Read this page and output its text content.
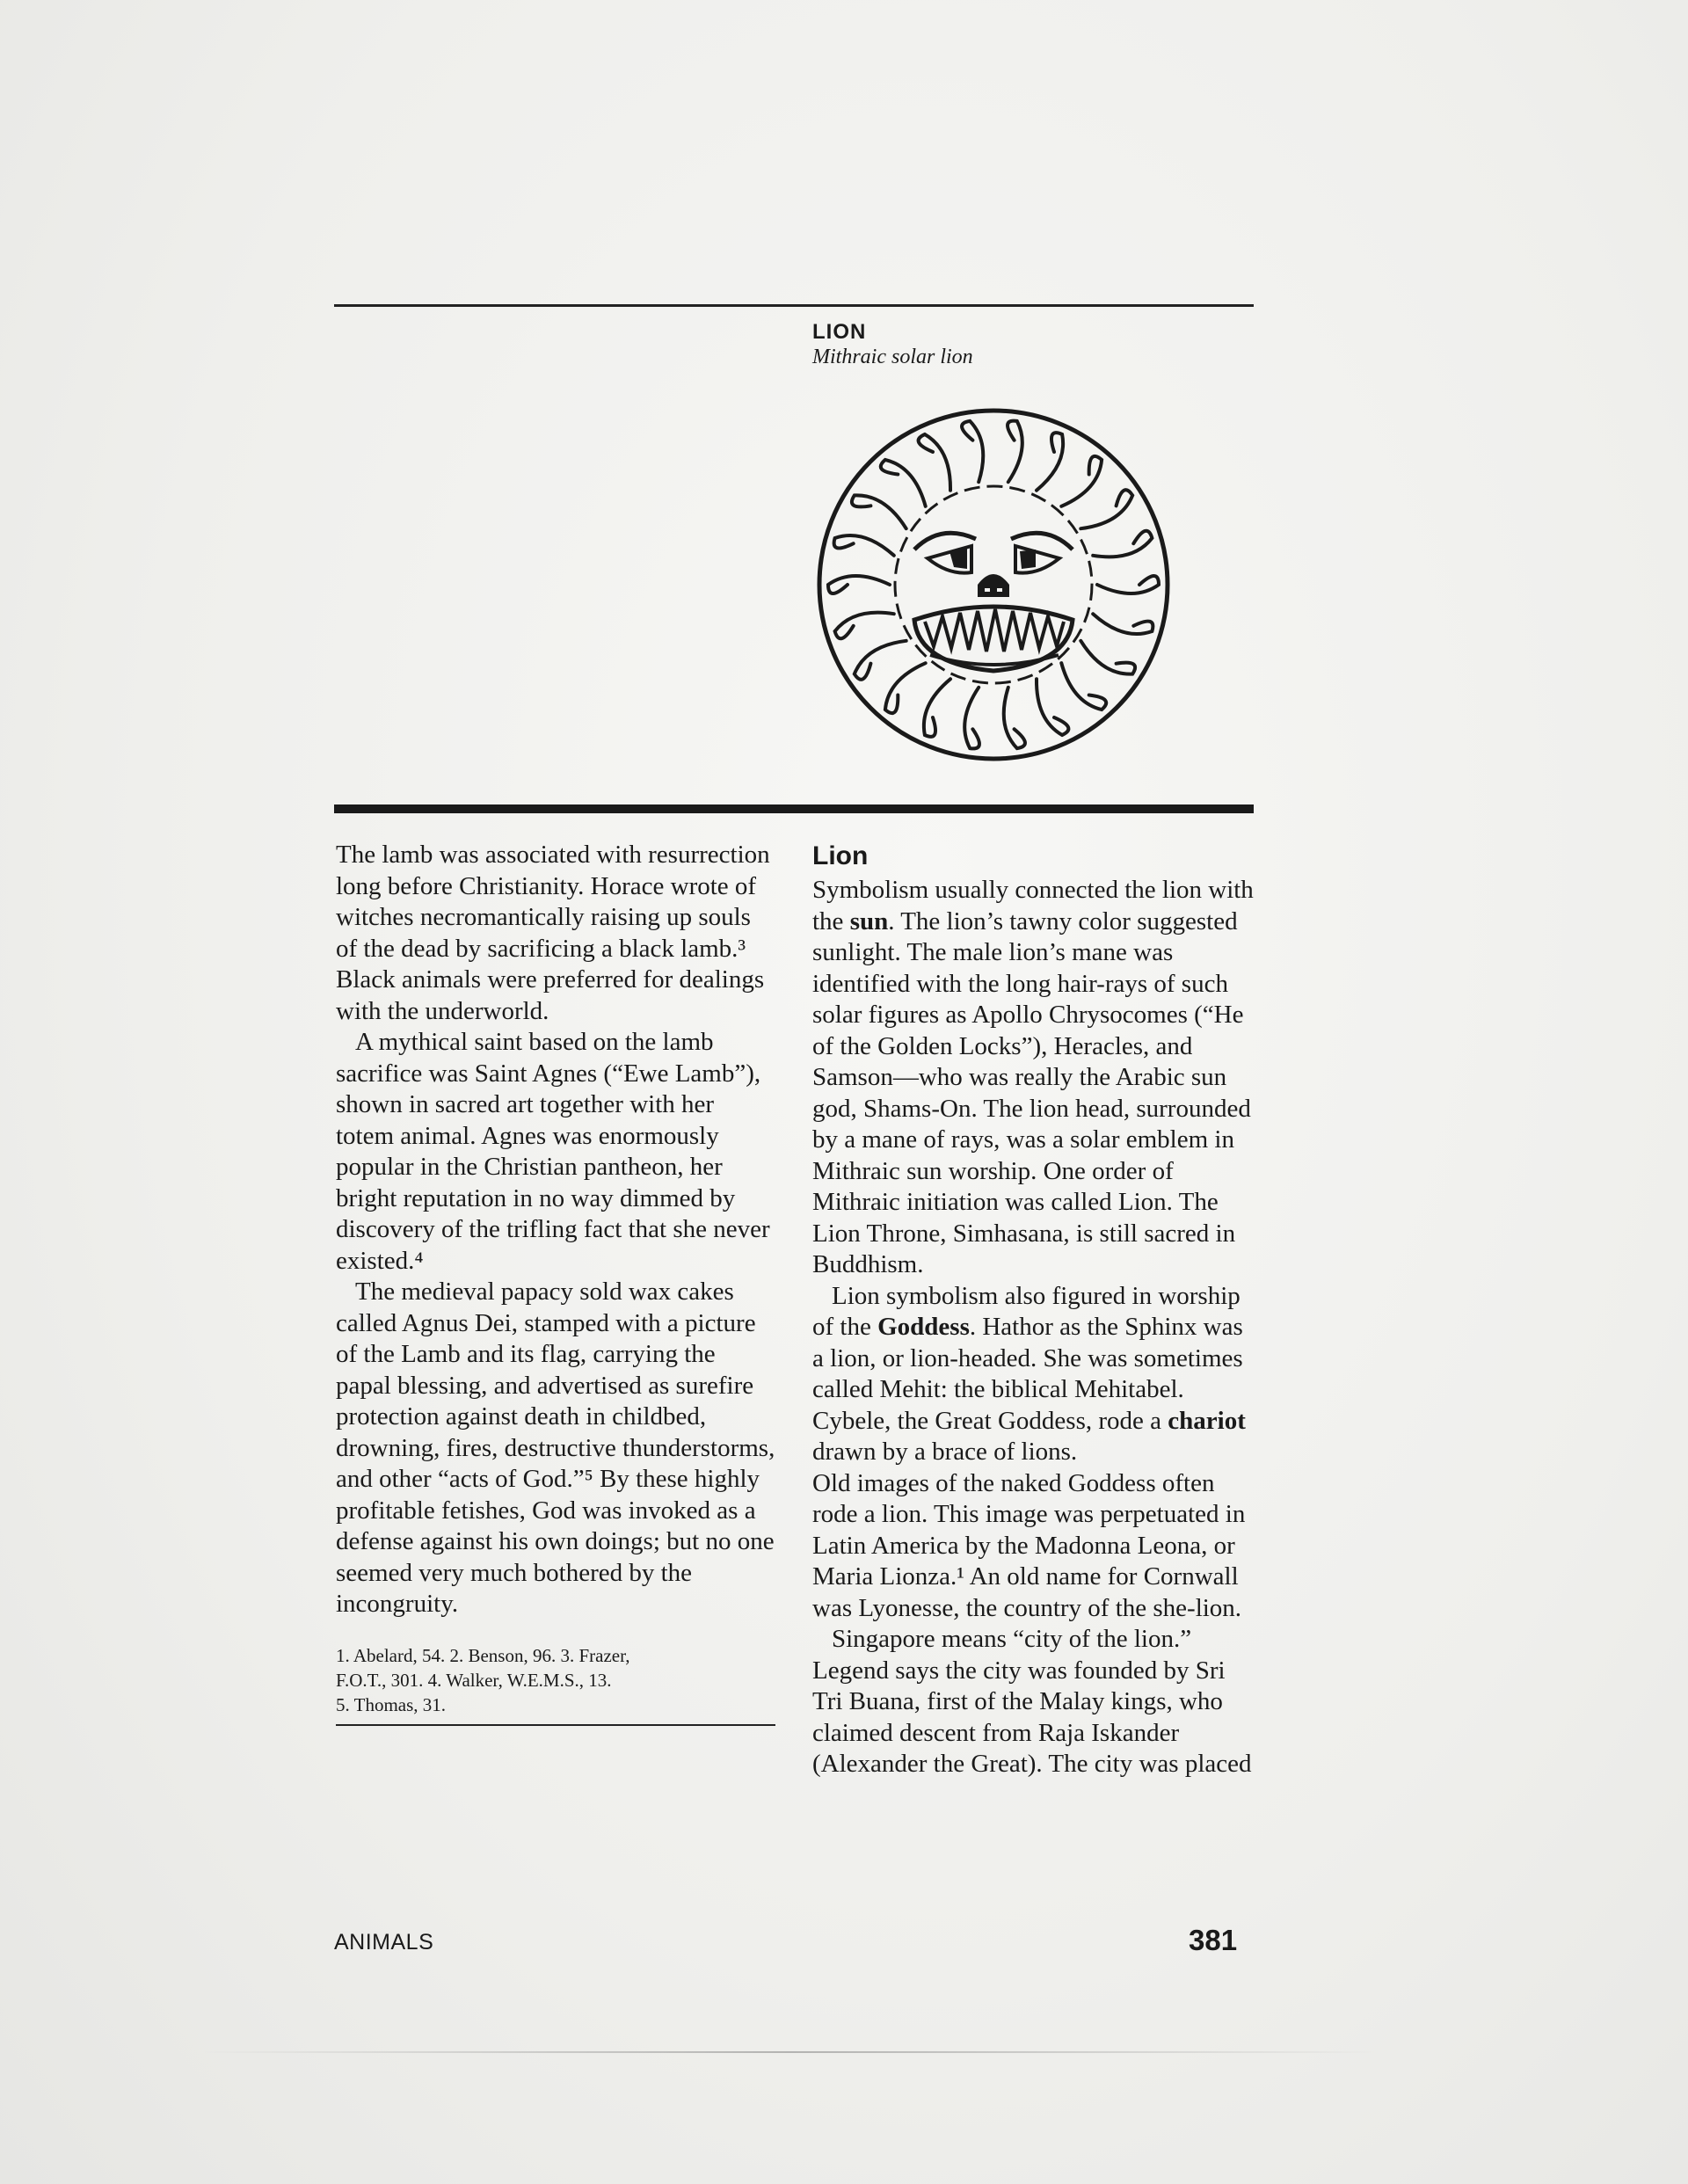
LION
Mithraic solar lion

The lamb was associated with resurrection long before Christianity. Horace wrote of witches necromantically raising up souls of the dead by sacrificing a black lamb.³ Black animals were preferred for dealings with the underworld.

A mythical saint based on the lamb sacrifice was Saint Agnes (“Ewe Lamb”), shown in sacred art together with her totem animal. Agnes was enormously popular in the Christian pantheon, her bright reputation in no way dimmed by discovery of the trifling fact that she never existed.⁴

The medieval papacy sold wax cakes called Agnus Dei, stamped with a picture of the Lamb and its flag, carrying the papal blessing, and advertised as surefire protection against death in childbed, drowning, fires, destructive thunderstorms, and other “acts of God.”⁵ By these highly profitable fetishes, God was invoked as a defense against his own doings; but no one seemed very much bothered by the incongruity.

1. Abelard, 54. 2. Benson, 96. 3. Frazer,
F.O.T., 301. 4. Walker, W.E.M.S., 13.
5. Thomas, 31.
Lion

Symbolism usually connected the lion with the sun. The lion’s tawny color suggested sunlight. The male lion’s mane was identified with the long hair-rays of such solar figures as Apollo Chrysocomes (“He of the Golden Locks”), Heracles, and Samson—who was really the Arabic sun god, Shams-On. The lion head, surrounded by a mane of rays, was a solar emblem in Mithraic sun worship. One order of Mithraic initiation was called Lion. The Lion Throne, Simhasana, is still sacred in Buddhism.

Lion symbolism also figured in worship of the Goddess. Hathor as the Sphinx was a lion, or lion-headed. She was sometimes called Mehit: the biblical Mehitabel. Cybele, the Great Goddess, rode a chariot drawn by a brace of lions.

Old images of the naked Goddess often rode a lion. This image was perpetuated in Latin America by the Madonna Leona, or Maria Lionza.¹ An old name for Cornwall was Lyonesse, the country of the she-lion.

Singapore means “city of the lion.” Legend says the city was founded by Sri Tri Buana, first of the Malay kings, who claimed descent from Raja Iskander (Alexander the Great). The city was placed

ANIMALS	381
